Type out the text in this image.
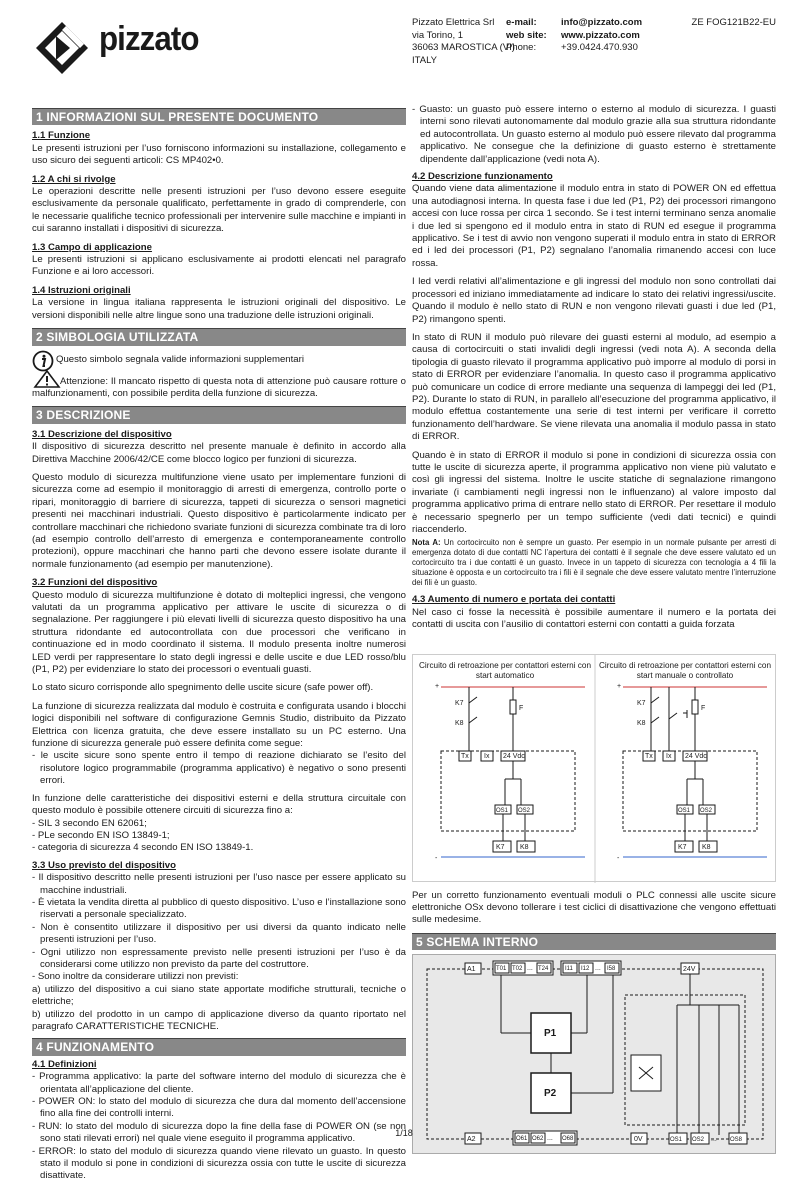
pizzato	Pizzato Elettrica Srl
via Torino, 1
36063 MAROSTICA (VI)
ITALY
e-mail:	info@pizzato.com
web site:	www.pizzato.com
Phone:	+39.0424.470.930
ZE FOG121B22-EU
1 INFORMAZIONI SUL PRESENTE DOCUMENTO
1.1 Funzione

Le presenti istruzioni per l’uso forniscono informazioni su installazione, collegamento e uso sicuro dei seguenti articoli: CS MP402•0.

1.2 A chi si rivolge

Le operazioni descritte nelle presenti istruzioni per l’uso devono essere eseguite esclusivamente da personale qualificato, perfettamente in grado di comprenderle, con le necessarie qualifiche tecnico professionali per intervenire sulle macchine e impianti in cui saranno installati i dispositivi di sicurezza.

1.3 Campo di applicazione

Le presenti istruzioni si applicano esclusivamente ai prodotti elencati nel paragrafo Funzione e ai loro accessori.

1.4 Istruzioni originali

La versione in lingua italiana rappresenta le istruzioni originali del dispositivo. Le versioni disponibili nelle altre lingue sono una traduzione delle istruzioni originali.

2 SIMBOLOGIA UTILIZZATA
Questo simbolo segnala valide informazioni supplementari

Attenzione: Il mancato rispetto di questa nota di attenzione può causare rotture o malfunzionamenti, con possibile perdita della funzione di sicurezza.

3 DESCRIZIONE
3.1 Descrizione del dispositivo

Il dispositivo di sicurezza descritto nel presente manuale è definito in accordo alla Direttiva Macchine 2006/42/CE come blocco logico per funzioni di sicurezza.

Questo modulo di sicurezza multifunzione viene usato per implementare funzioni di sicurezza come ad esempio il monitoraggio di arresti di emergenza, controllo porte o ripari, monitoraggio di barriere di sicurezza, tappeti di sicurezza o sensori magnetici presenti nei macchinari industriali. Questo dispositivo è particolarmente indicato per controllare macchinari che richiedono svariate funzioni di sicurezza combinate tra di loro (ad esempio controllo dell’arresto di emergenza e contemporaneamente controllo protezioni), oppure macchinari che hanno parti che devono essere isolate durante il normale funzionamento (ad esempio per manutenzione).

3.2 Funzioni del dispositivo

Questo modulo di sicurezza multifunzione è dotato di molteplici ingressi, che vengono valutati da un programma applicativo per attivare le uscite di sicurezza o di segnalazione. Per raggiungere i più elevati livelli di sicurezza questo dispositivo ha una struttura ridondante ed autocontrollata con due processori che verificano in continuazione ed in modo coordinato il sistema. Il modulo presenta inoltre numerosi LED verdi per rappresentare lo stato degli ingressi e delle uscite e due LED rosso/blu (P1, P2) per evidenziare lo stato dei processori o eventuali guasti.

Lo stato sicuro corrisponde allo spegnimento delle uscite sicure (safe power off).

La funzione di sicurezza realizzata dal modulo è costruita e configurata usando i blocchi logici disponibili nel software di configurazione Gemnis Studio, distribuito da Pizzato Elettrica con licenza gratuita, che deve essere installato su un PC esterno. Una funzione di sicurezza generale può essere definita come segue:

- le uscite sicure sono spente entro il tempo di reazione dichiarato se l’esito del risolutore logico programmabile (programma applicativo) è negativo o sono presenti errori.

In funzione delle caratteristiche dei dispositivi esterni e della struttura circuitale con questo modulo è possibile ottenere circuiti di sicurezza fino a:

- SIL 3 secondo EN 62061;
- PLe secondo EN ISO 13849-1;
- categoria di sicurezza 4 secondo EN ISO 13849-1.
3.3 Uso previsto del dispositivo
- Il dispositivo descritto nelle presenti istruzioni per l’uso nasce per essere applicato su macchine industriali.
- È vietata la vendita diretta al pubblico di questo dispositivo. L’uso e l’installazione sono riservati a personale specializzato.
- Non è consentito utilizzare il dispositivo per usi diversi da quanto indicato nelle presenti istruzioni per l’uso.
- Ogni utilizzo non espressamente previsto nelle presenti istruzioni per l’uso è da considerarsi come utilizzo non previsto da parte del costruttore.
- Sono inoltre da considerare utilizzi non previsti:
a) utilizzo del dispositivo a cui siano state apportate modifiche strutturali, tecniche o elettriche;
b) utilizzo del prodotto in un campo di applicazione diverso da quanto riportato nel paragrafo CARATTERISTICHE TECNICHE.
4 FUNZIONAMENTO
4.1 Definizioni
- Programma applicativo: la parte del software interno del modulo di sicurezza che è orientata all’applicazione del cliente.
- POWER ON: lo stato del modulo di sicurezza che dura dal momento dell’accensione fino alla fine dei controlli interni.
- RUN: lo stato del modulo di sicurezza dopo la fine della fase di POWER ON (se non sono stati rilevati errori) nel quale viene eseguito il programma applicativo.
- ERROR: lo stato del modulo di sicurezza quando viene rilevato un guasto. In questo stato il modulo si pone in condizioni di sicurezza ossia con tutte le uscite di sicurezza disattivate.
- Guasto: un guasto può essere interno o esterno al modulo di sicurezza. I guasti interni sono rilevati autonomamente dal modulo grazie alla sua struttura ridondante ed autocontrollata. Un guasto esterno al modulo può essere rilevato dal programma applicativo. Ne consegue che la definizione di guasto esterno è strettamente dipendente dall’applicazione (vedi nota A).
4.2 Descrizione funzionamento

Quando viene data alimentazione il modulo entra in stato di POWER ON ed effettua una autodiagnosi interna. In questa fase i due led (P1, P2) dei processori rimangono accesi con luce rossa per circa 1 secondo. Se i test interni terminano senza anomalie i due led si spengono ed il modulo entra in stato di RUN ed esegue il programma applicativo. Se i test di avvio non vengono superati il modulo entra in stato di ERROR ed i led dei processori (P1, P2) segnalano l’anomalia rimanendo accesi con luce rossa.

I led verdi relativi all’alimentazione e gli ingressi del modulo non sono controllati dai processori ed iniziano immediatamente ad indicare lo stato dei relativi ingressi/uscite. Quando il modulo è nello stato di RUN e non vengono rilevati guasti i due led (P1, P2) rimangono spenti.

In stato di RUN il modulo può rilevare dei guasti esterni al modulo, ad esempio a causa di cortocircuiti o stati invalidi degli ingressi (vedi nota A). A seconda della tipologia di guasto rilevato il programma applicativo può imporre al modulo di porsi in stato di ERROR per evidenziare l’anomalia. In questo caso il programma applicativo può comunicare un codice di errore mediante una sequenza di lampeggi dei led (P1, P2). Durante lo stato di RUN, in parallelo all’esecuzione del programma applicativo, il modulo effettua costantemente una serie di test interni per verificare il corretto funzionamento dell’hardware. Se viene rilevata una anomalia il modulo passa in stato di ERROR.

Quando è in stato di ERROR il modulo si pone in condizioni di sicurezza ossia con tutte le uscite di sicurezza aperte, il programma applicativo non viene più valutato e così gli ingressi del sistema. Inoltre le uscite statiche di segnalazione rimangono invariate (i cambiamenti negli ingressi non le influenzano) al valore imposto dal programma applicativo prima di entrare nello stato di ERROR. Per resettare il modulo è necessario spegnerlo per un tempo sufficiente (vedi dati tecnici) e quindi riaccenderlo.

Nota A: Un cortocircuito non è sempre un guasto. Per esempio in un normale pulsante per arresti di emergenza dotato di due contatti NC l’apertura dei contatti è il segnale che deve essere valutato ed un cortocircuito tra i due contatti è un guasto. Invece in un tappeto di sicurezza con tecnologia a 4 fili la situazione è opposta e un cortocircuito tra i fili è il segnale che deve essere valutato mentre l’interruzione dei fili è un guasto.
4.3 Aumento di numero e portata dei contatti

Nel caso ci fosse la necessità è possibile aumentare il numero e la portata dei contatti di uscita con l’ausilio di contattori esterni con contatti a guida forzata

Circuito di retroazione per contattori esterni con start automatico
Circuito di retroazione per contattori esterni con start manuale o controllato
+
-
K7
K8
F
Tx Ix 24 Vdc
OS1 OS2
K7 K8
+
-
K7
K8
F
Tx Ix 24 Vdc
OS1 OS2
K7 K8

Per un corretto funzionamento eventuali moduli o PLC connessi alle uscite sicure elettroniche OSx devono tollerare i test ciclici di disattivazione che vengono effettuati sulle medesime.

5 SCHEMA INTERNO
A1	T01 T02 ... T24	I11 I12 ... I58	24V
P1
P2
A2	O61 O62 ... O68	0V	OS1 OS2 ... OS8
1/18
